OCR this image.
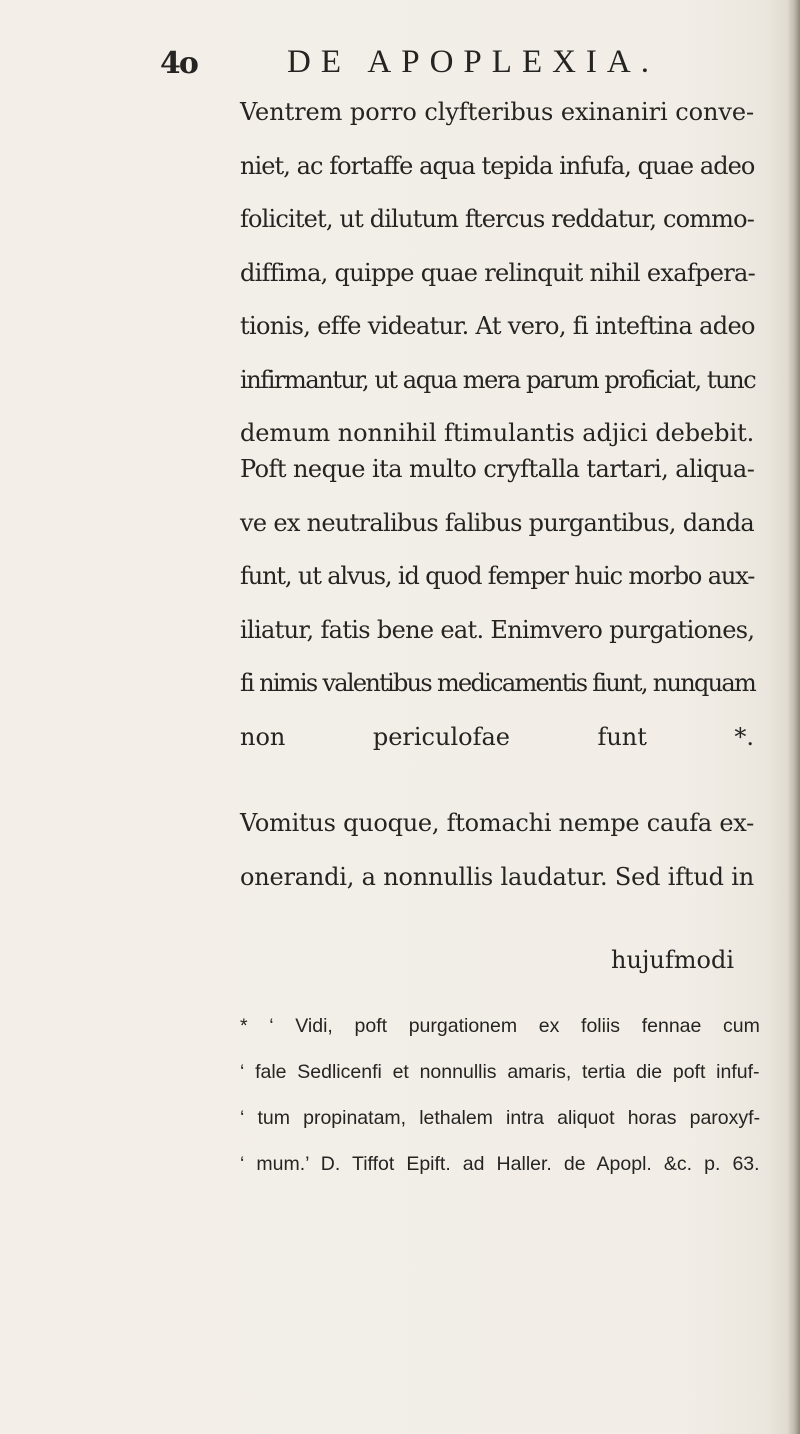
4o	DE APOPLEXIA.

Ventrem porro clyfteribus exinaniri conve-
niet, ac fortaffe aqua tepida infufa, quae adeo
folicitet, ut dilutum ftercus reddatur, commo-
diffima, quippe quae relinquit nihil exafpera-
tionis, effe videatur. At vero, fi inteftina adeo
infirmantur, ut aqua mera parum proficiat, tunc
demum nonnihil ftimulantis adjici debebit.

Poft neque ita multo cryftalla tartari, aliqua-
ve ex neutralibus falibus purgantibus, danda
funt, ut alvus, id quod femper huic morbo aux-
iliatur, fatis bene eat. Enimvero purgationes,
fi nimis valentibus medicamentis fiunt, nunquam
non periculofae funt *.

Vomitus quoque, ftomachi nempe caufa ex-
onerandi, a nonnullis laudatur. Sed iftud in

hujufmodi

* ‘ Vidi, poft purgationem ex foliis fennae cum
‘ fale Sedlicenfi et nonnullis amaris, tertia die poft infuf-
‘ tum propinatam, lethalem intra aliquot horas paroxyf-
‘ mum.’ D. Tiffot Epift. ad Haller. de Apopl. &c. p. 63.
